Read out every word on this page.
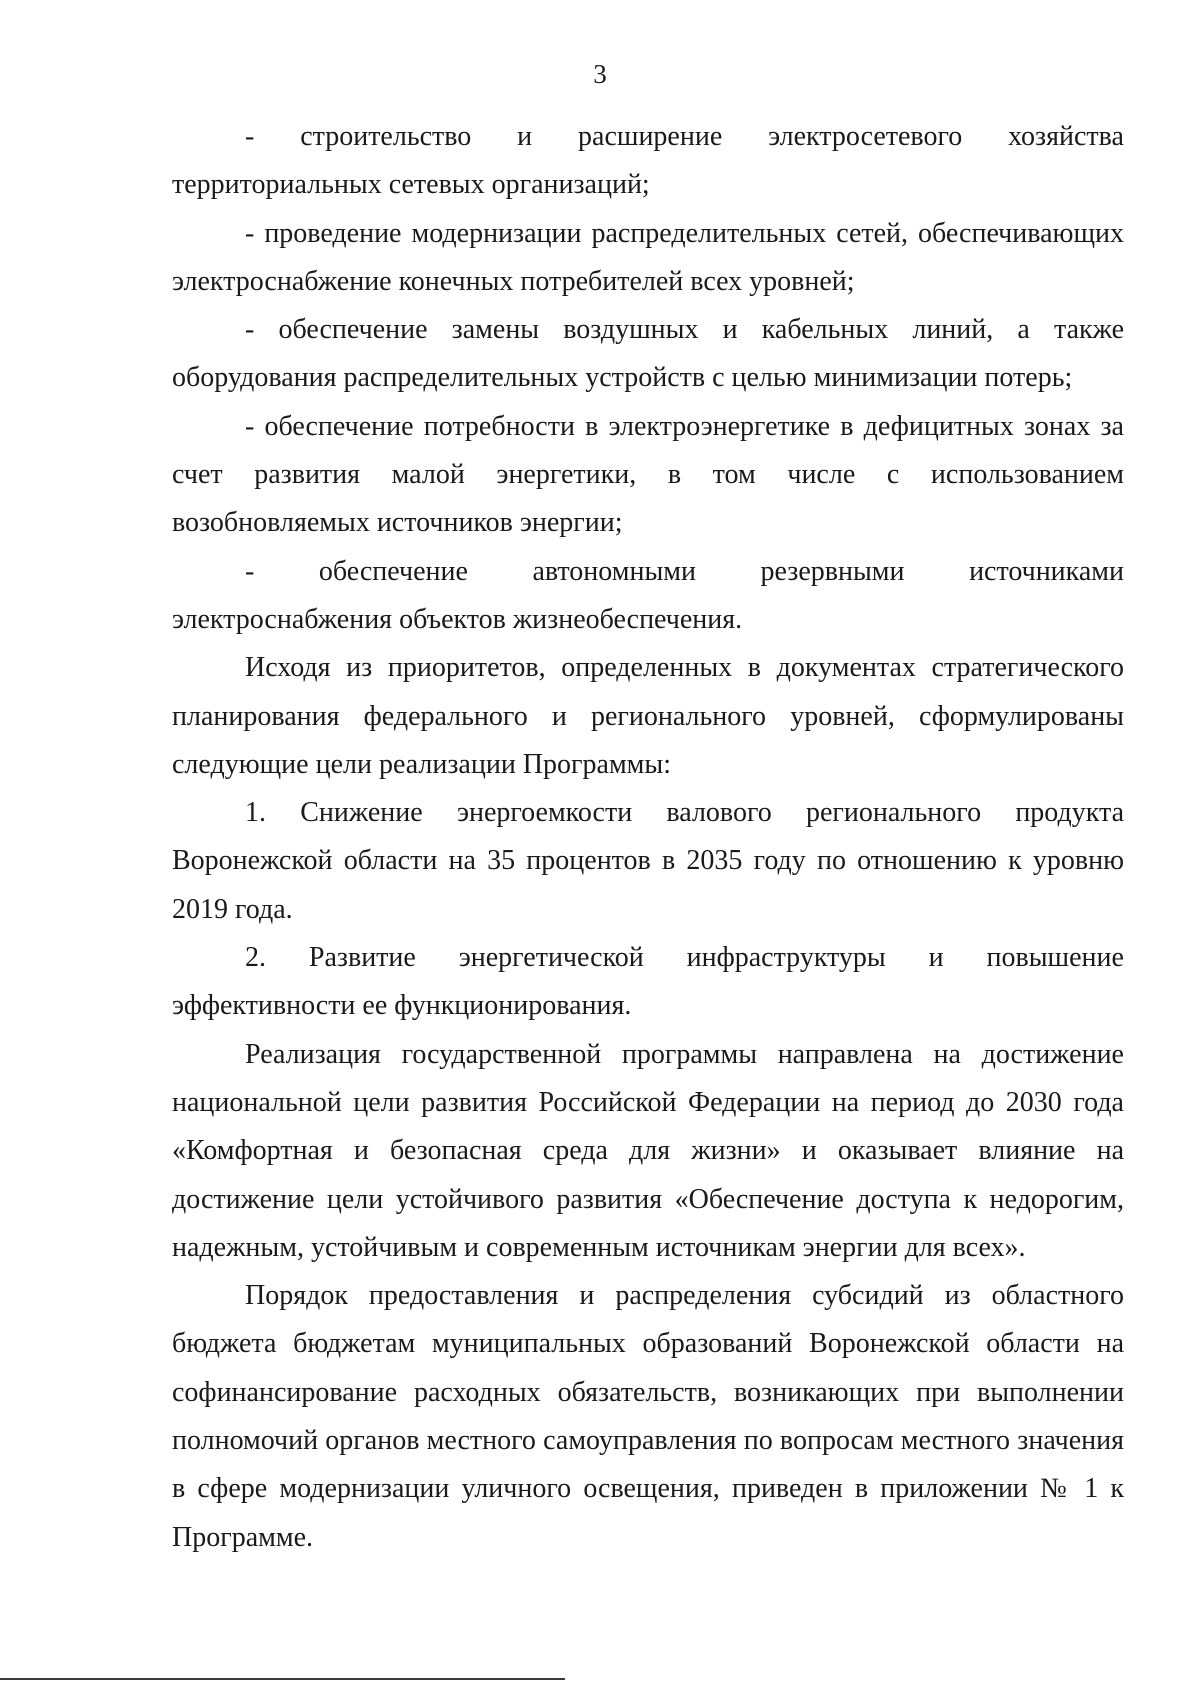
3
- строительство и расширение электросетевого хозяйства
территориальных сетевых организаций;

- проведение модернизации распределительных сетей, обеспечивающих электроснабжение конечных потребителей всех уровней;

- обеспечение замены воздушных и кабельных линий, а также оборудования распределительных устройств с целью минимизации потерь;

- обеспечение потребности в электроэнергетике в дефицитных зонах за счет развития малой энергетики, в том числе с использованием возобновляемых источников энергии;

- обеспечение автономными резервными источниками
электроснабжения объектов жизнеобеспечения.

Исходя из приоритетов, определенных в документах стратегического планирования федерального и регионального уровней, сформулированы следующие цели реализации Программы:

1. Снижение энергоемкости валового регионального продукта Воронежской области на 35 процентов в 2035 году по отношению к уровню 2019 года.

2. Развитие энергетической инфраструктуры и повышение
эффективности ее функционирования.

Реализация государственной программы направлена на достижение национальной цели развития Российской Федерации на период до 2030 года «Комфортная и безопасная среда для жизни» и оказывает влияние на достижение цели устойчивого развития «Обеспечение доступа к недорогим, надежным, устойчивым и современным источникам энергии для всех».

Порядок предоставления и распределения субсидий из областного бюджета бюджетам муниципальных образований Воронежской области на софинансирование расходных обязательств, возникающих при выполнении полномочий органов местного самоуправления по вопросам местного значения в сфере модернизации уличного освещения, приведен в приложении № 1 к Программе.
